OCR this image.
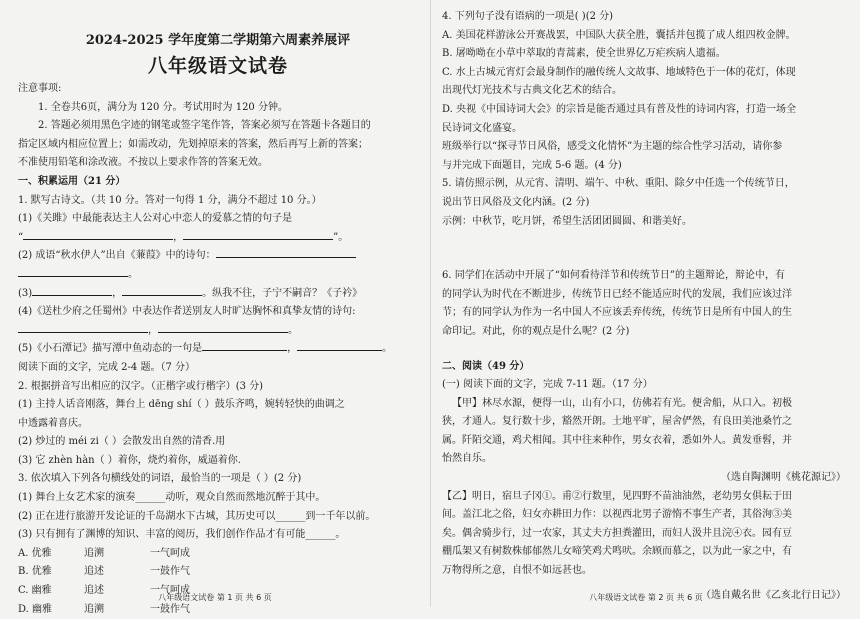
2024-2025 学年度第二学期第六周素养展评
八年级语文试卷
注意事项:
1. 全卷共6页，满分为 120 分。考试用时为 120 分钟。
2. 答题必须用黑色字迹的钢笔或签字笔作答，答案必须写在答题卡各题目的
指定区域内相应位置上；如需改动，先划掉原来的答案，然后再写上新的答案；
不准使用铅笔和涂改液。不按以上要求作答的答案无效。
一、积累运用（21 分）
1. 默写古诗文。（共 10 分。答对一句得 1 分，满分不超过 10 分。）
(1)《关雎》中最能表达主人公对心中恋人的爱慕之情的句子是
“	，	”。
(2) 成语“秋水伊人”出自《蒹葭》中的诗句：
。
(3)	，	。纵我不往，子宁不嗣音？《子衿》
(4)《送杜少府之任蜀州》中表达作者送别友人时旷达胸怀和真挚友情的诗句:
，	。
(5)《小石潭记》描写潭中鱼动态的一句是	，	。
阅读下面的文字，完成 2-4 题。（7 分）
2. 根据拼音写出相应的汉字。（正楷字或行楷字）(3 分)
(1) 主持人话音刚落，舞台上 dēng shí（ ）鼓乐齐鸣，婉转轻快的曲调之
中透露着喜庆。
(2) 炒过的 méi zi（ ）会散发出自然的清香.用
(3) 它 zhèn hàn（ ）着你，烧灼着你，威逼着你.
3. 依次填入下列各句横线处的词语，最恰当的一项是（ ）(2 分)
(1) 舞台上女艺术家的演奏______动听，观众自然而然地沉醉于其中。
(2) 正在进行旅游开发论证的千岛湖水下古城，其历史可以______到一千年以前。
(3) 只有拥有了渊博的知识、丰富的阅历，我们创作作品才有可能______。
A. 优雅	追溯	一气呵成
B. 优雅	追述	一鼓作气
C. 幽雅	追述	一气呵成
D. 幽雅	追溯	一鼓作气
八年级语文试卷 第 1 页 共 6 页
4. 下列句子没有语病的一项是( )(2 分)
A. 美国花样游泳公开赛战罢，中国队大获全胜，囊括并包揽了成人组四枚金牌。
B. 屠呦呦在小草中萃取的青蒿素，使全世界亿万疟疾病人遗福。
C. 水上古城元宵灯会最身制作的融传统人文故事、地域特色于一体的花灯，体现
出现代灯光技术与古典文化艺术的结合。
D. 央视《中国诗词大会》的宗旨是能否通过具有普及性的诗词内容，打造一场全
民诗词文化盛宴。
班级举行以“探寻节日风俗，感受文化情怀”为主题的综合性学习活动，请你参
与并完成下面题目，完成 5-6 题。(4 分)
5. 请仿照示例，从元宵、清明、端午、中秋、重阳、除夕中任选一个传统节日，
说出节日风俗及文化内涵。(2 分)
示例：中秋节，吃月饼，希望生活团团圆圆、和谐美好。
6. 同学们在活动中开展了“如何看待洋节和传统节日”的主题辩论，辩论中，有
的同学认为时代在不断进步，传统节日已经不能适应时代的发展，我们应该过洋
节；有的同学认为作为一名中国人不应该丢弃传统，传统节日是所有中国人的生
命印记。对此，你的观点是什么呢？(2 分)
二、阅读（49 分）
(一) 阅读下面的文字，完成 7-11 题。（17 分）
【甲】林尽水源，便得一山，山有小口，仿佛若有光。便舍船，从口入。初极
狭，才通人。复行数十步，豁然开朗。土地平旷，屋舍俨然，有良田美池桑竹之
属。阡陌交通，鸡犬相闻。其中往来种作，男女衣着，悉如外人。黄发垂髫，并
怡然自乐。
（选自陶渊明《桃花源记》）
【乙】明日，宿旦子冈①。甫②行数里，见四野不苗油油然，老幼男女俱耘于田
间。盖江北之俗，妇女亦耕田力作：以视西北男子游惰不事生产者，其俗洵③美
矣。偶舍骑步行，过一农家，其丈夫方担粪灌田，而妇人汲井且浣④衣。园有豆
棚瓜架又有树数株郁郁然儿女啼笑鸡犬鸣吠。余顾而慕之，以为此一家之中，有
万物得所之意，自恨不如远甚也。
（选自戴名世《乙亥北行日记》）
八年级语文试卷 第 2 页 共 6 页
